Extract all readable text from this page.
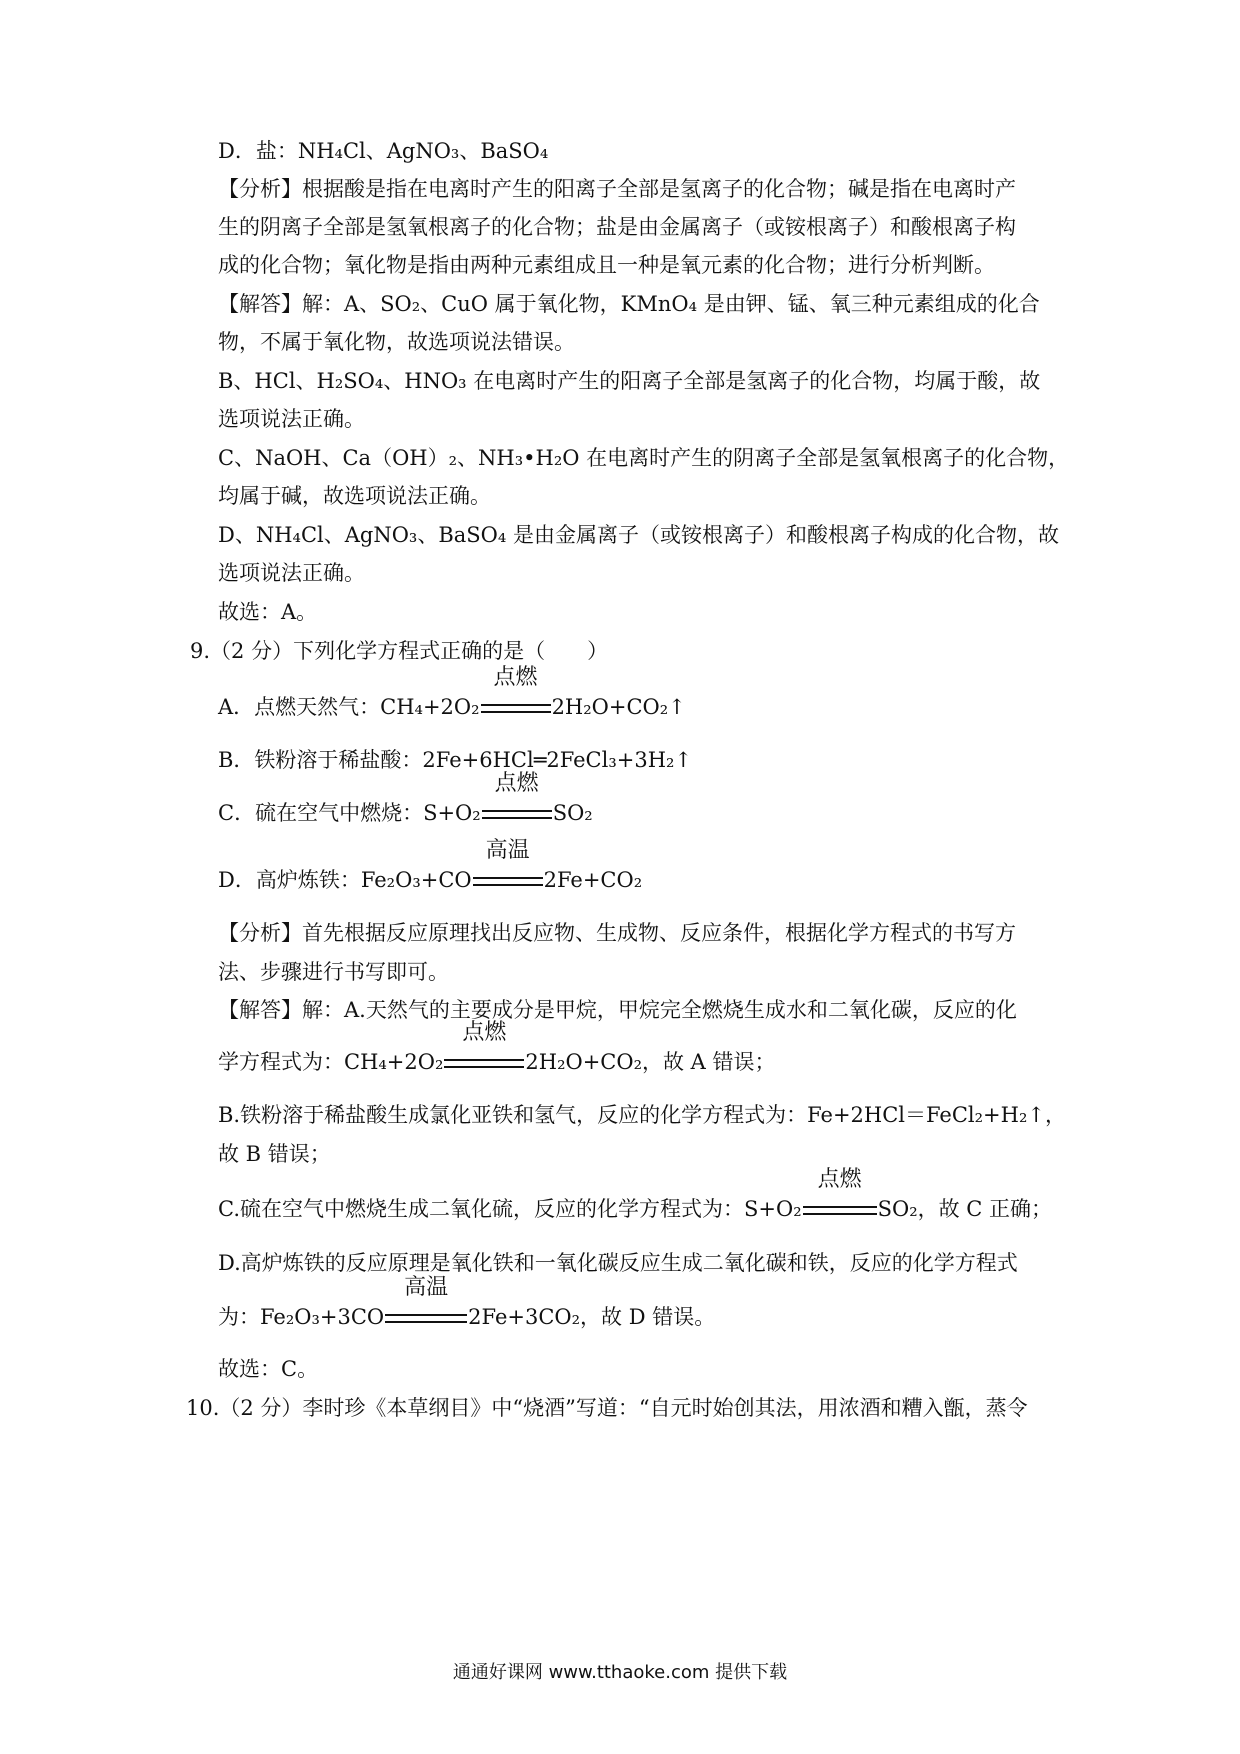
D．盐：NH₄Cl、AgNO₃、BaSO₄
【分析】根据酸是指在电离时产生的阳离子全部是氢离子的化合物；碱是指在电离时产
生的阴离子全部是氢氧根离子的化合物；盐是由金属离子（或铵根离子）和酸根离子构
成的化合物；氧化物是指由两种元素组成且一种是氧元素的化合物；进行分析判断。
【解答】解：A、SO₂、CuO 属于氧化物，KMnO₄ 是由钾、锰、氧三种元素组成的化合
物，不属于氧化物，故选项说法错误。
B、HCl、H₂SO₄、HNO₃ 在电离时产生的阳离子全部是氢离子的化合物，均属于酸，故
选项说法正确。
C、NaOH、Ca（OH）₂、NH₃•H₂O 在电离时产生的阴离子全部是氢氧根离子的化合物，
均属于碱，故选项说法正确。
D、NH₄Cl、AgNO₃、BaSO₄ 是由金属离子（或铵根离子）和酸根离子构成的化合物，故
选项说法正确。
故选：A。
9.（2 分）下列化学方程式正确的是（　　）
A．点燃天然气：CH₄+2O₂
点燃
2H₂O+CO₂↑
B．铁粉溶于稀盐酸：2Fe+6HCl═2FeCl₃+3H₂↑
C．硫在空气中燃烧：S+O₂
点燃
SO₂
D．高炉炼铁：Fe₂O₃+CO
高温
2Fe+CO₂
【分析】首先根据反应原理找出反应物、生成物、反应条件，根据化学方程式的书写方
法、步骤进行书写即可。
【解答】解：A.天然气的主要成分是甲烷，甲烷完全燃烧生成水和二氧化碳，反应的化
学方程式为：CH₄+2O₂
点燃
2H₂O+CO₂，故 A 错误；
B.铁粉溶于稀盐酸生成氯化亚铁和氢气，反应的化学方程式为：Fe+2HCl＝FeCl₂+H₂↑，
故 B 错误；
C.硫在空气中燃烧生成二氧化硫，反应的化学方程式为：S+O₂
点燃
SO₂，故 C 正确；
D.高炉炼铁的反应原理是氧化铁和一氧化碳反应生成二氧化碳和铁，反应的化学方程式
为：Fe₂O₃+3CO
高温
2Fe+3CO₂，故 D 错误。
故选：C。
10.（2 分）李时珍《本草纲目》中“烧酒”写道：“自元时始创其法，用浓酒和糟入甑，蒸令
通通好课网 www.tthaoke.com 提供下载
